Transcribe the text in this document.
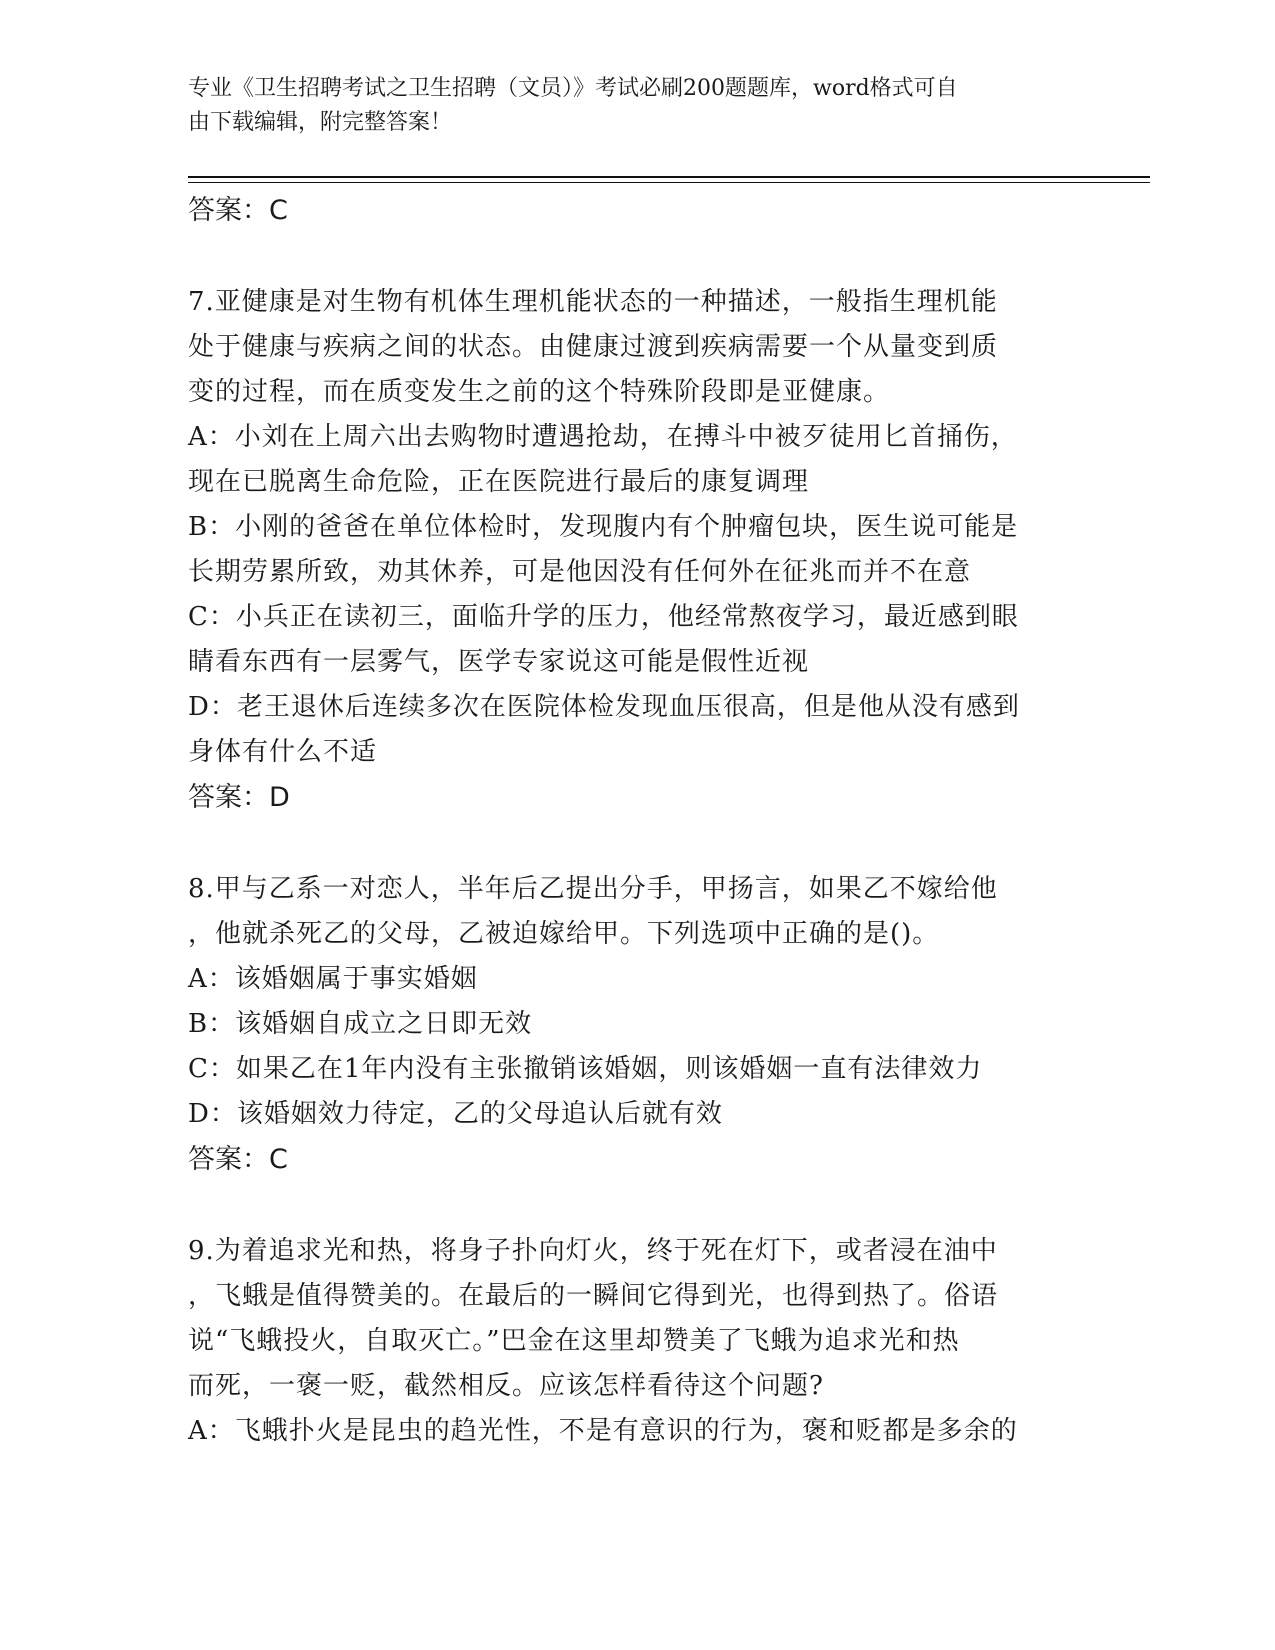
专业《卫生招聘考试之卫生招聘（文员）》考试必刷200题题库，word格式可自
由下载编辑，附完整答案！
答案：C
7.亚健康是对生物有机体生理机能状态的一种描述，一般指生理机能
处于健康与疾病之间的状态。由健康过渡到疾病需要一个从量变到质
变的过程，而在质变发生之前的这个特殊阶段即是亚健康。
A：小刘在上周六出去购物时遭遇抢劫，在搏斗中被歹徒用匕首捅伤，
现在已脱离生命危险，正在医院进行最后的康复调理
B：小刚的爸爸在单位体检时，发现腹内有个肿瘤包块，医生说可能是
长期劳累所致，劝其休养，可是他因没有任何外在征兆而并不在意
C：小兵正在读初三，面临升学的压力，他经常熬夜学习，最近感到眼
睛看东西有一层雾气，医学专家说这可能是假性近视
D：老王退休后连续多次在医院体检发现血压很高，但是他从没有感到
身体有什么不适
答案：D
8.甲与乙系一对恋人，半年后乙提出分手，甲扬言，如果乙不嫁给他
，他就杀死乙的父母，乙被迫嫁给甲。下列选项中正确的是()。
A：该婚姻属于事实婚姻
B：该婚姻自成立之日即无效
C：如果乙在1年内没有主张撤销该婚姻，则该婚姻一直有法律效力
D：该婚姻效力待定，乙的父母追认后就有效
答案：C
9.为着追求光和热，将身子扑向灯火，终于死在灯下，或者浸在油中
，飞蛾是值得赞美的。在最后的一瞬间它得到光，也得到热了。俗语
说“飞蛾投火，自取灭亡。”巴金在这里却赞美了飞蛾为追求光和热
而死，一褒一贬，截然相反。应该怎样看待这个问题?
A：飞蛾扑火是昆虫的趋光性，不是有意识的行为，褒和贬都是多余的
